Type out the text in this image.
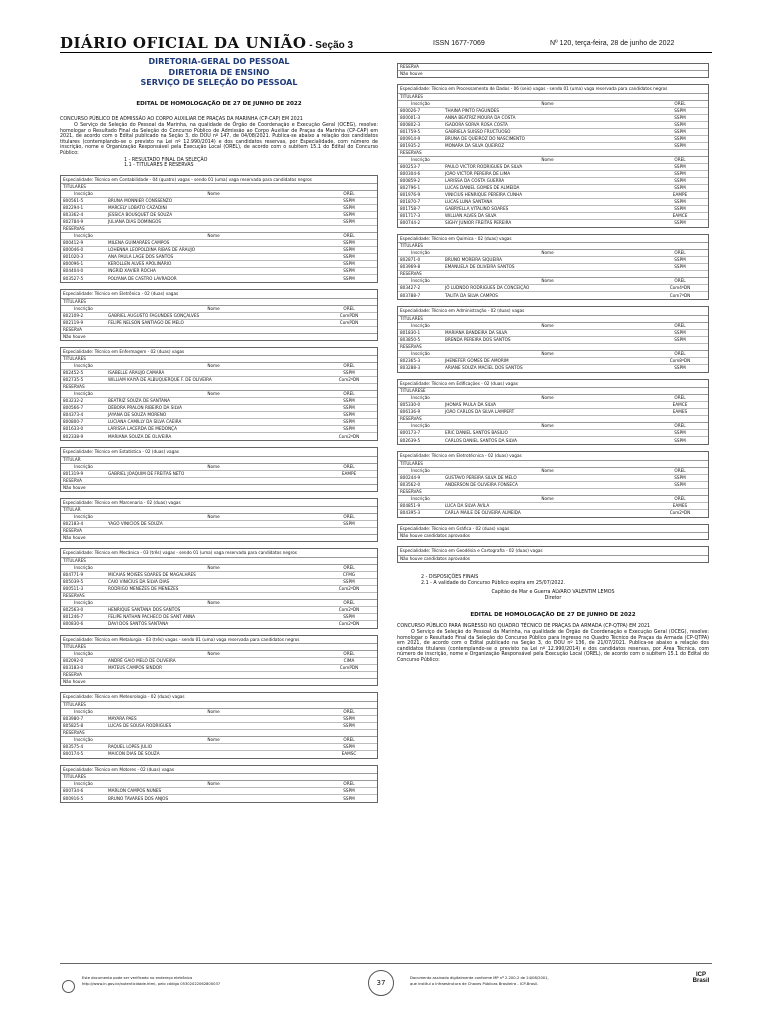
DIÁRIO OFICIAL DA UNIÃO - Seção 3	ISSN 1677-7069	Nº 120, terça-feira, 28 de junho de 2022
DIRETORIA-GERAL DO PESSOAL
DIRETORIA DE ENSINO
SERVIÇO DE SELEÇÃO DO PESSOAL
EDITAL DE HOMOLOGAÇÃO DE 27 DE JUNHO DE 2022
CONCURSO PÚBLICO DE ADMISSÃO AO CORPO AUXILIAR DE PRAÇAS DA MARINHA (CP-CAP) EM 2021
O Serviço de Seleção do Pessoal da Marinha, na qualidade de Órgão de Coordenação e Execução Geral (OCEG), resolve: homologar o Resultado Final da Seleção do Concurso Público de Admissão ao Corpo Auxiliar de Praças da Marinha (CP-CAP) em 2021, de acordo com o Edital publicado na Seção 3, do DOU nº 147, de 04/08/2021. Publica-se abaixo a relação dos candidatos titulares (contemplando-se o previsto na Lei nº 12.990/2014) e dos candidatos reservas, por Especialidade, com número de inscrição, nome e Organização Responsável pela Execução Local (OREL), de acordo com o subitem 15.1 do Edital do Concurso Público:
1 - RESULTADO FINAL DA SELEÇÃO
1.1 - TITULARES E RESERVAS
Especialidade: Técnico em Contabilidade - 04 (quatro) vagas - sendo 01 (uma) vaga reservada para candidatos negros
TITULARES
Inscrição	Nome	OREL
800561-5	BRUNA MONNIER CONSSENZO	SSPM
802294-1	MARCELY LOBATO CAZADINI	SSPM
803362-4	JESSICA BOUSQUET DE SOUZA	SSPM
802784-9	JULIANA DIAS DOMINGOS	SSPM
RESERVAS
Inscrição	Nome	OREL
800412-9	MILENA GUIMARÃES CAMPOS	SSPM
800046-0	LOHENNA LEOPOLDINA RIBAS DE ARAUJO	SSPM
801020-3	ANA PAULA LAGE DOS SANTOS	SSPM
800096-1	KEROLLEN ALVES APOLINÁRIO	SSPM
804404-0	INGRID XAVIER ROCHA	SSPM
803527-5	POLYANA DE CASTRO LAVRADOR	SSPM
Especialidade: Técnico em Eletrônica - 02 (duas) vagas
TITULARES
Inscrição	Nome	OREL
802109-2	GABRIEL AUGUSTO FAGUNDES GONÇALVES	ComPDN
802119-9	FELIPE NELSON SANTIAGO DE MELO	ComPDN
RESERVA
Não houve
Especialidade: Técnico em Enfermagem - 02 (duas) vagas
TITULARES
Inscrição	Nome	OREL
802452-5	ISABELLE ARAUJO CAMARA	SSPM
802735-5	WILLIAM KAIYÃ DE ALBUQUERQUE F. DE OLIVEIRA	Com2ºDN
RESERVAS
Inscrição	Nome	OREL
803232-2	BEATRIZ SOUZA DE SANTANA	SSPM
800566-7	DÉBORA PRALON RIBEIRO DA SILVA	SSPM
804373-4	JAYANA DE SOUZA MORENO	SSPM
800800-7	LUCIANA CAMILLY DA SILVA CAEIRA	SSPM
801633-0	LARISSA LACERDA DE MEDONÇA	SSPM
802338-9	MARIANA SOUZA DE OLIVEIRA	Com2ºDN
Especialidade: Técnico em Estatística - 02 (duas) vagas
TITULAR
Inscrição	Nome	OREL
801319-9	GABRIEL JOAQUIM DE FREITAS NETO	EAMPE
RESERVA
Não houve
Especialidade: Técnico em Marcenaria - 02 (duas) vagas
TITULAR
Inscrição	Nome	OREL
802183-4	YAGO VINICIOS DE SOUZA	SSPM
RESERVA
Não houve
Especialidade: Técnico em Mecânica - 03 (três) vagas - sendo 01 (uma) vaga reservada para candidatos negros
TITULARES
Inscrição	Nome	OREL
804771-9	MICAIAS MOISÉS SOARES DE MAGALHÃES	CFMG
805039-5	CAIO VINICIUS DA SILVA DIAS	SSPM
800511-3	RODRIGO MENEZES DE MENEZES	Com2ºDN
RESERVAS
Inscrição	Nome	OREL
802563-0	HENRIQUE SANTANA DOS SANTOS	Com2ºDN
801246-7	FELIPE NATHAN PACHECO DE SANT ANNA	SSPM
800830-6	DAVI DOS SANTOS SANTANA	Com2ºDN
Especialidade: Técnico em Metalurgia - 03 (três) vagas - sendo 01 (uma) vaga reservada para candidatos negros
TITULARES
Inscrição	Nome	OREL
802092-0	ANDRÉ GAIO MELO DE OLIVEIRA	CIMA
803183-0	MATEUS CAMPOS SINDOR	ComPDN
RESERVA
Não houve
Especialidade: Técnico em Meteorologia - 02 (duas) vagas
TITULARES
Inscrição	Nome	OREL
803980-7	MAYARA PAES	SSPM
805825-8	LUCAS DE SOUSA RODRIGUES	SSPM
RESERVAS
Inscrição	Nome	OREL
803575-4	RAQUEL LOPES JULIO	SSPM
800174-5	MAICON DIAS DE SOUZA	EAMSC
Especialidade: Técnico em Motores - 02 (duas) vagas
TITULARES
Inscrição	Nome	OREL
800734-6	MARLON CAMPOS NUNES	SSPM
800916-5	BRUNO TAVARES DOS ANJOS	SSPM
RESERVA
Não houve
Especialidade: Técnico em Processamento de Dados - 06 (seis) vagas - sendo 01 (uma) vaga reservada para candidatos negros
TITULARES
Inscrição	Nome	OREL
800026-7	THAINÁ PINTO FAGUNDES	SSPM
800001-3	ANNA BEATRIZ MOURA DA COSTA	SSPM
800802-3	ISADORA SORVA ROSA COSTA	SSPM
801759-5	GABRIELA SUISSO FRUCTUOSO	SSPM
800914-9	BRUNA DE QUEIROZ DO NASCIMENTO	SSPM
801935-2	MONARA DA SILVA QUEIROZ	SSPM
RESERVAS
Inscrição	Nome	OREL
800253-7	PAULO VICTOR RODRIGUES DA SILVA	SSPM
800304-6	JOÃO VICTOR PEREIRA DE LIMA	SSPM
800859-2	LARISSA DA COSTA GUERRA	SSPM
802796-1	LUCAS DANIEL GOMES DE ALMEIDA	SSPM
801976-9	VINICIUS HENRIQUE PEREIRA CUNHA	EAMPE
801870-7	LUCAS LUNA SANTANA	SSPM
801758-7	GABRYELLA VITALINO SOARES	SSPM
801717-3	WILLIAN ALVES DA SILVA	EAMCE
800744-2	SIGHY JUNIOR FREITAS PEREIRA	SSPM
Especialidade: Técnico em Química - 02 (duas) vagas
TITULARES
Inscrição	Nome	OREL
802871-0	BRUNO MOREIRA SIQUEIRA	SSPM
803969-8	EMANUELA DE OLIVEIRA SANTOS	SSPM
RESERVAS
Inscrição	Nome	OREL
803427-2	JÔ LUDNDO RODRIGUES DA CONCEIÇÃO	Com4ºDN
803788-7	TALITA DA SILVA CAMPOS	Com7ºDN
Especialidade: Técnico em Administração - 02 (duas) vagas
TITULARES
Inscrição	Nome	OREL
801830-1	MARIANA BANDEIRA DA SILVA	SSPM
803850-5	BRENDA PEREIRA DOS SANTOS	SSPM
RESERVAS
Inscrição	Nome	OREL
802365-3	JHENEFER GOMES DE AMORIM	Com8ºDN
803288-3	ARIANE SOUZA MACIEL DOS SANTOS	SSPM
Especialidade: Técnico em Edificações - 02 (duas) vagas
TITULARESE
Inscrição	Nome	OREL
805330-0	JHONAS PAULA DA SILVA	EAMCE
806136-9	JOÃO CARLOS DA SILVA LAMPERT	EAMES
RESERVAS
Inscrição	Nome	OREL
800173-7	ERIC DANIEL SANTOS BASILIO	SSPM
802639-5	CARLOS DANIEL SANTOS DA SILVA	SSPM
Especialidade: Técnico em Eletrotécnica - 02 (duas) vagas
TITULARES
Inscrição	Nome	OREL
800244-9	GUSTAVO PEREIRA SILVA DE MELO	SSPM
803562-0	ANDERSON DE OLIVEIRA FONSECA	SSPM
RESERVAS
Inscrição	Nome	OREL
804851-9	LUCA DA SILVA ÁVILA	EAMES
804395-3	CARLA MAILE DE OLIVEIRA ALMEIDA	Com2ºDN
Especialidade: Técnico em Gráfica - 02 (duas) vagas
Não houve candidatos aprovados
Especialidade: Técnico em Geodésia e Cartografia - 02 (duas) vagas
Não houve candidatos aprovados
2 - DISPOSIÇÕES FINAIS
2.1 - A validade do Concurso Público expira em 25/07/2022.
Capitão de Mar e Guerra ALVARO VALENTIM LEMOS
Diretor
EDITAL DE HOMOLOGAÇÃO DE 27 DE JUNHO DE 2022
CONCURSO PÚBLICO PARA INGRESSO NO QUADRO TÉCNICO DE PRAÇAS DA ARMADA (CP-QTPA) EM 2021
O Serviço de Seleção do Pessoal da Marinha, na qualidade de Órgão de Coordenação e Execução Geral (OCEG), resolve: homologar o Resultado Final da Seleção do Concurso Público para Ingresso no Quadro Técnico de Praças da Armada (CP-QTPA) em 2021, de acordo com o Edital publicado na Seção 3, do DOU nº 136, de 21/07/2021. Publica-se abaixo a relação dos candidatos titulares (contemplando-se o previsto na Lei nº 12.990/2014) e dos candidatos reservas, por Área Técnica, com número de inscrição, nome e Organização Responsável pela Execução Local (OREL), de acordo com o subitem 15.1 do Edital do Concurso Público:
Este documento pode ser verificado no endereço eletrônico
http://www.in.gov.br/autenticidade.html, pelo código 05302022062800037	37
Documento assinado digitalmente conforme MP nº 2.200-2 de 24/08/2001,
que institui a Infraestrutura de Chaves Públicas Brasileira - ICP-Brasil.
ICP Brasil
